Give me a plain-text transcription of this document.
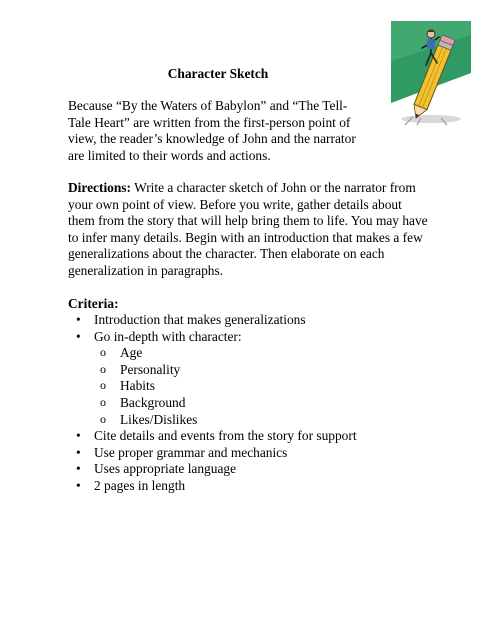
Character Sketch
Because “By the Waters of Babylon” and “The Tell-Tale Heart” are written from the first-person point of view, the reader’s knowledge of John and the narrator are limited to their words and actions.
Directions: Write a character sketch of John or the narrator from your own point of view. Before you write, gather details about them from the story that will help bring them to life. You may have to infer many details. Begin with an introduction that makes a few generalizations about the character. Then elaborate on each generalization in paragraphs.
Criteria:
• Introduction that makes generalizations
• Go in-depth with character:
o Age
o Personality
o Habits
o Background
o Likes/Dislikes
• Cite details and events from the story for support
• Use proper grammar and mechanics
• Uses appropriate language
• 2 pages in length
